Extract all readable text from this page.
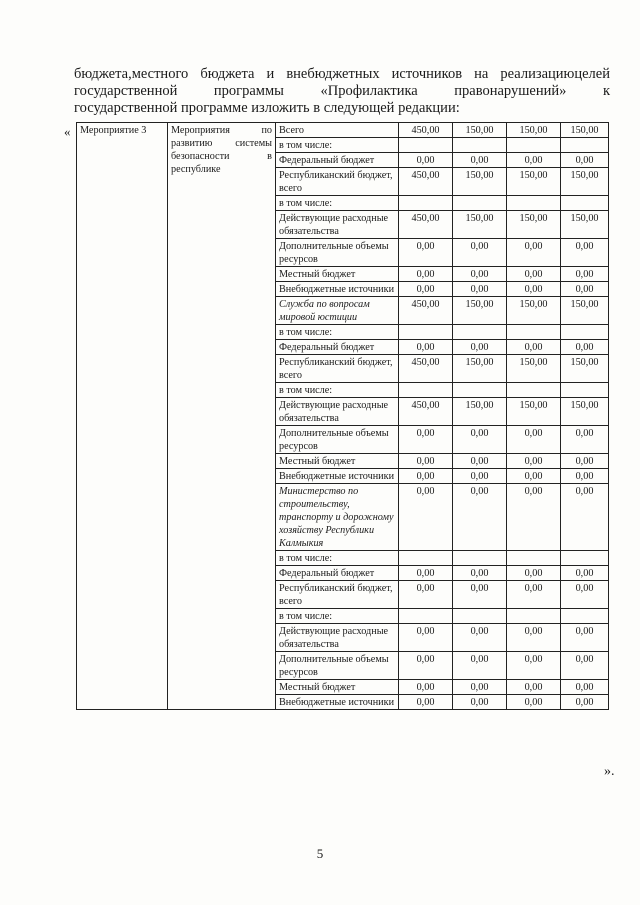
бюджета,местного бюджета и внебюджетных источников на реализациюцелей
государственной программы «Профилактика правонарушений» к
государственной программе изложить в следующей редакции:
« Мероприятие 3	Мероприятия по развитию системы безопасности в республике	Всего	450,00	150,00	150,00	150,00
		в том числе:				
		Федеральный бюджет	0,00	0,00	0,00	0,00
		Республиканский бюджет, всего	450,00	150,00	150,00	150,00
		в том числе:				
		Действующие расходные обязательства	450,00	150,00	150,00	150,00
		Дополнительные объемы ресурсов	0,00	0,00	0,00	0,00
		Местный бюджет	0,00	0,00	0,00	0,00
		Внебюджетные источники	0,00	0,00	0,00	0,00
		Служба по вопросам мировой юстиции	450,00	150,00	150,00	150,00
		в том числе:				
		Федеральный бюджет	0,00	0,00	0,00	0,00
		Республиканский бюджет, всего	450,00	150,00	150,00	150,00
		в том числе:				
		Действующие расходные обязательства	450,00	150,00	150,00	150,00
		Дополнительные объемы ресурсов	0,00	0,00	0,00	0,00
		Местный бюджет	0,00	0,00	0,00	0,00
		Внебюджетные источники	0,00	0,00	0,00	0,00
		Министерство по строительству, транспорту и дорожному хозяйству Республики Калмыкия	0,00	0,00	0,00	0,00
		в том числе:				
		Федеральный бюджет	0,00	0,00	0,00	0,00
		Республиканский бюджет, всего	0,00	0,00	0,00	0,00
		в том числе:				
		Действующие расходные обязательства	0,00	0,00	0,00	0,00
		Дополнительные объемы ресурсов	0,00	0,00	0,00	0,00
		Местный бюджет	0,00	0,00	0,00	0,00
		Внебюджетные источники	0,00	0,00	0,00	0,00
».
5
